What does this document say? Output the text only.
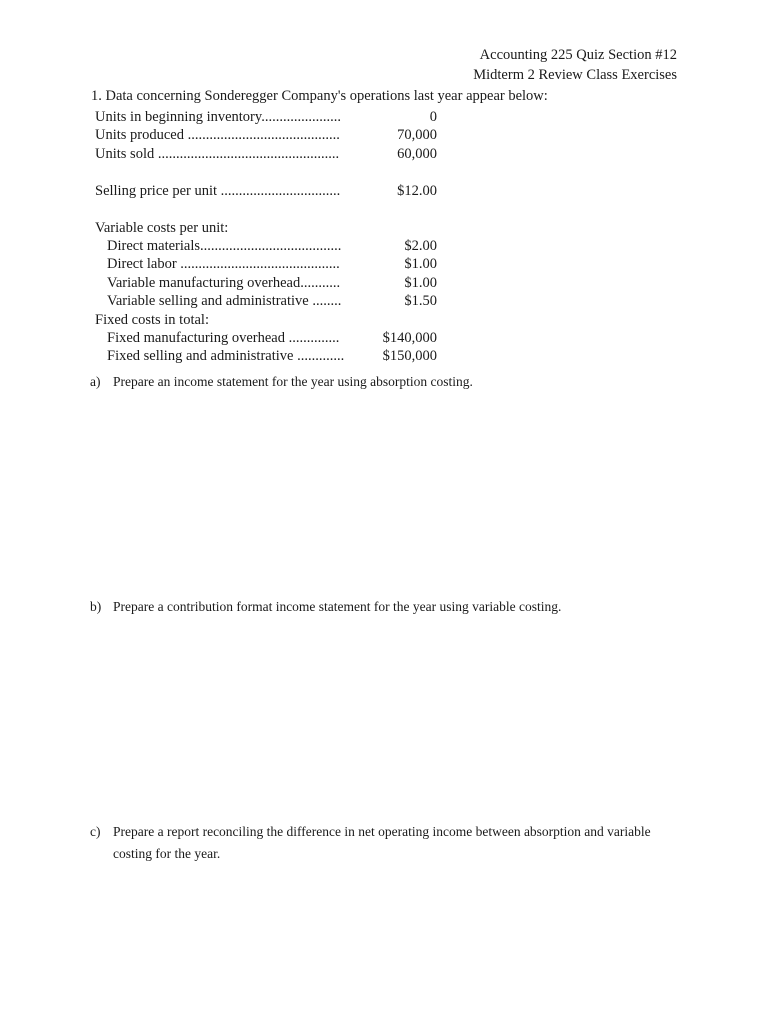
Accounting 225 Quiz Section #12
Midterm 2 Review Class Exercises
1. Data concerning Sonderegger Company's operations last year appear below:
Units in beginning inventory......................	0
Units produced ..........................................	70,000
Units sold ..................................................	60,000
Selling price per unit .................................	$12.00
Variable costs per unit:
Direct materials.......................................	$2.00
Direct labor ............................................	$1.00
Variable manufacturing overhead...........	$1.00
Variable selling and administrative ........	$1.50
Fixed costs in total:
Fixed manufacturing overhead ..............	$140,000
Fixed selling and administrative .............	$150,000
a) Prepare an income statement for the year using absorption costing.
b) Prepare a contribution format income statement for the year using variable costing.
c) Prepare a report reconciling the difference in net operating income between absorption and variable costing for the year.
